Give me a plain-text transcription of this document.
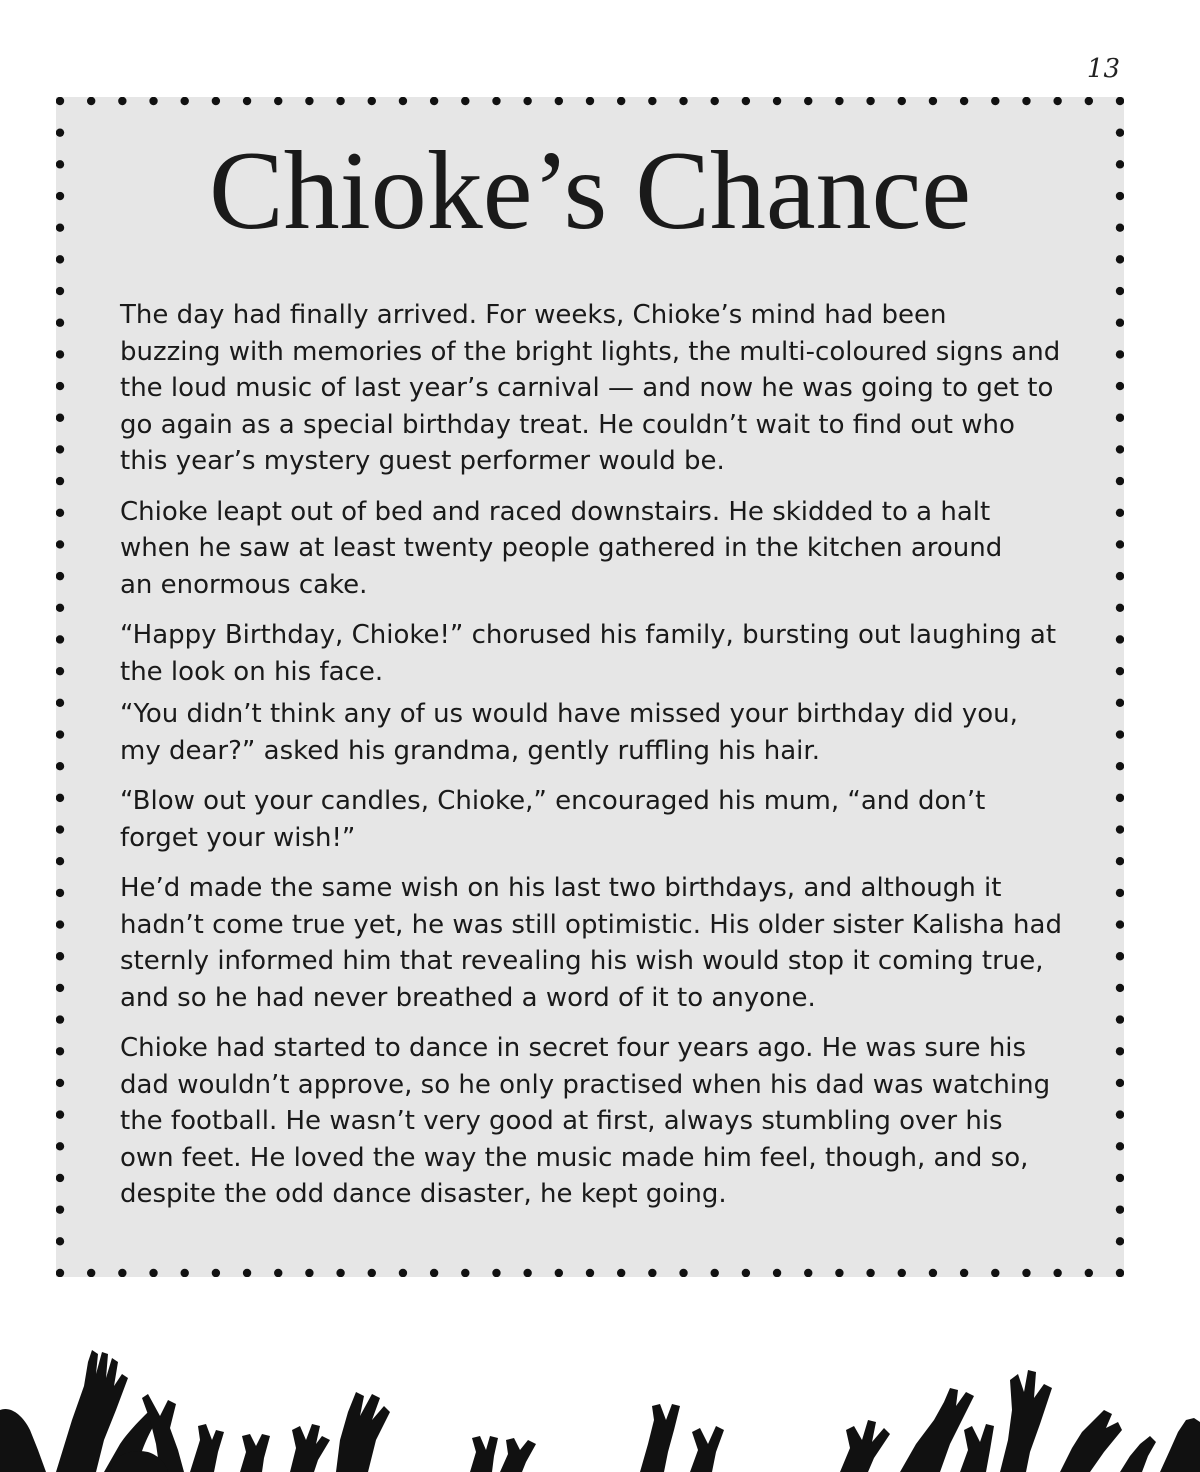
13
Chioke’s Chance

The day had finally arrived. For weeks, Chioke’s mind had been
buzzing with memories of the bright lights, the multi-coloured signs and
the loud music of last year’s carnival — and now he was going to get to
go again as a special birthday treat. He couldn’t wait to find out who
this year’s mystery guest performer would be.

Chioke leapt out of bed and raced downstairs. He skidded to a halt
when he saw at least twenty people gathered in the kitchen around
an enormous cake.

“Happy Birthday, Chioke!” chorused his family, bursting out laughing at
the look on his face.

“You didn’t think any of us would have missed your birthday did you,
my dear?” asked his grandma, gently ruffling his hair.

“Blow out your candles, Chioke,” encouraged his mum, “and don’t
forget your wish!”

He’d made the same wish on his last two birthdays, and although it
hadn’t come true yet, he was still optimistic. His older sister Kalisha had
sternly informed him that revealing his wish would stop it coming true,
and so he had never breathed a word of it to anyone.

Chioke had started to dance in secret four years ago. He was sure his
dad wouldn’t approve, so he only practised when his dad was watching
the football. He wasn’t very good at first, always stumbling over his
own feet. He loved the way the music made him feel, though, and so,
despite the odd dance disaster, he kept going.
